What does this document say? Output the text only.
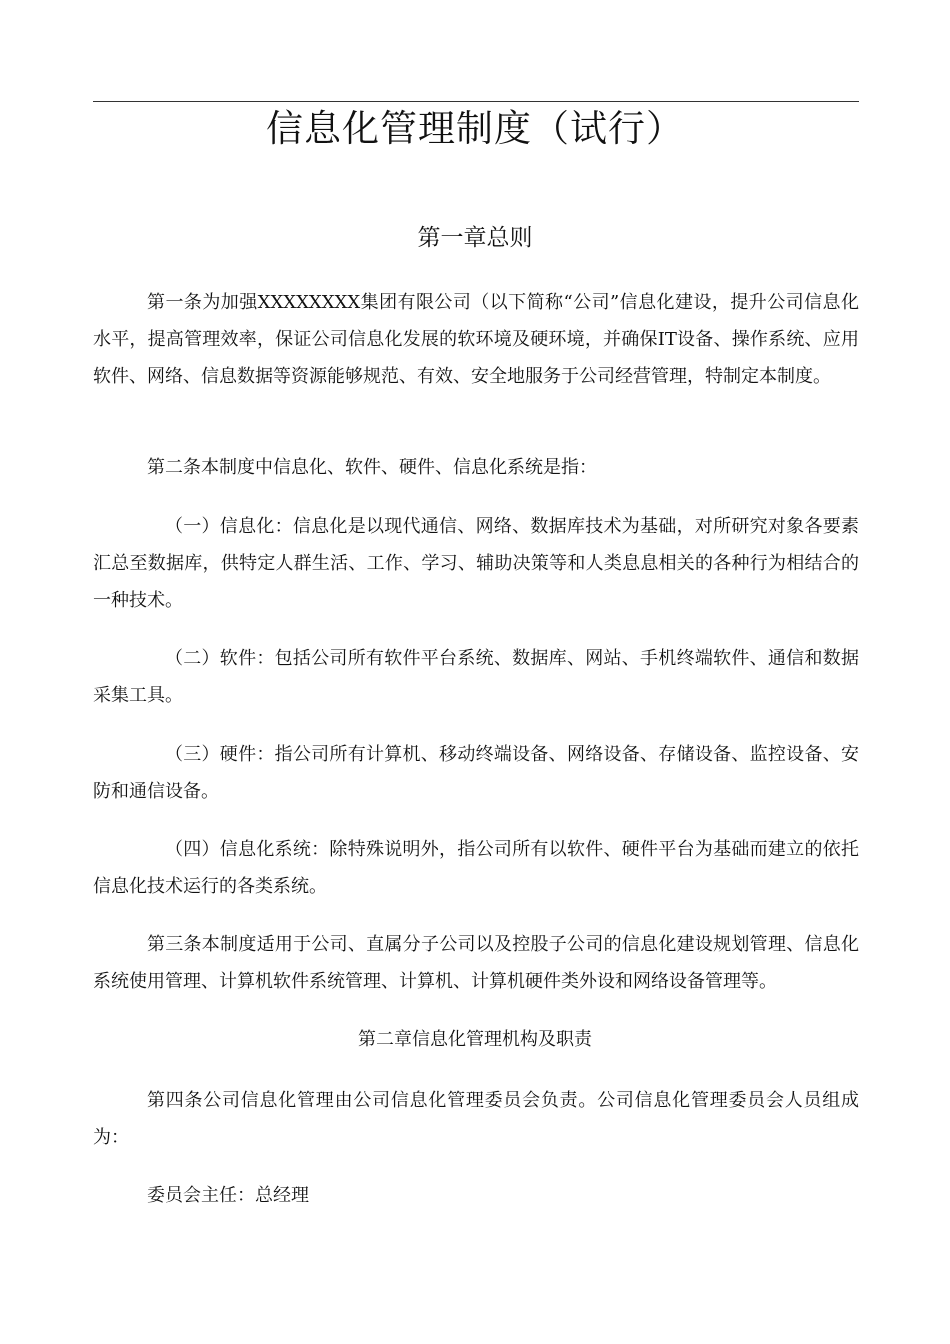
信息化管理制度（试行）
第一章总则

第一条为加强XXXXXXXX集团有限公司（以下简称“公司”信息化建设，提升公司信息化水平，提高管理效率，保证公司信息化发展的软环境及硬环境，并确保IT设备、操作系统、应用软件、网络、信息数据等资源能够规范、有效、安全地服务于公司经营管理，特制定本制度。

第二条本制度中信息化、软件、硬件、信息化系统是指：

（一）信息化：信息化是以现代通信、网络、数据库技术为基础，对所研究对象各要素汇总至数据库，供特定人群生活、工作、学习、辅助决策等和人类息息相关的各种行为相结合的一种技术。

（二）软件：包括公司所有软件平台系统、数据库、网站、手机终端软件、通信和数据采集工具。

（三）硬件：指公司所有计算机、移动终端设备、网络设备、存储设备、监控设备、安防和通信设备。

（四）信息化系统：除特殊说明外，指公司所有以软件、硬件平台为基础而建立的依托信息化技术运行的各类系统。

第三条本制度适用于公司、直属分子公司以及控股子公司的信息化建设规划管理、信息化系统使用管理、计算机软件系统管理、计算机、计算机硬件类外设和网络设备管理等。

第二章信息化管理机构及职责

第四条公司信息化管理由公司信息化管理委员会负责。公司信息化管理委员会人员组成为：

委员会主任：总经理
